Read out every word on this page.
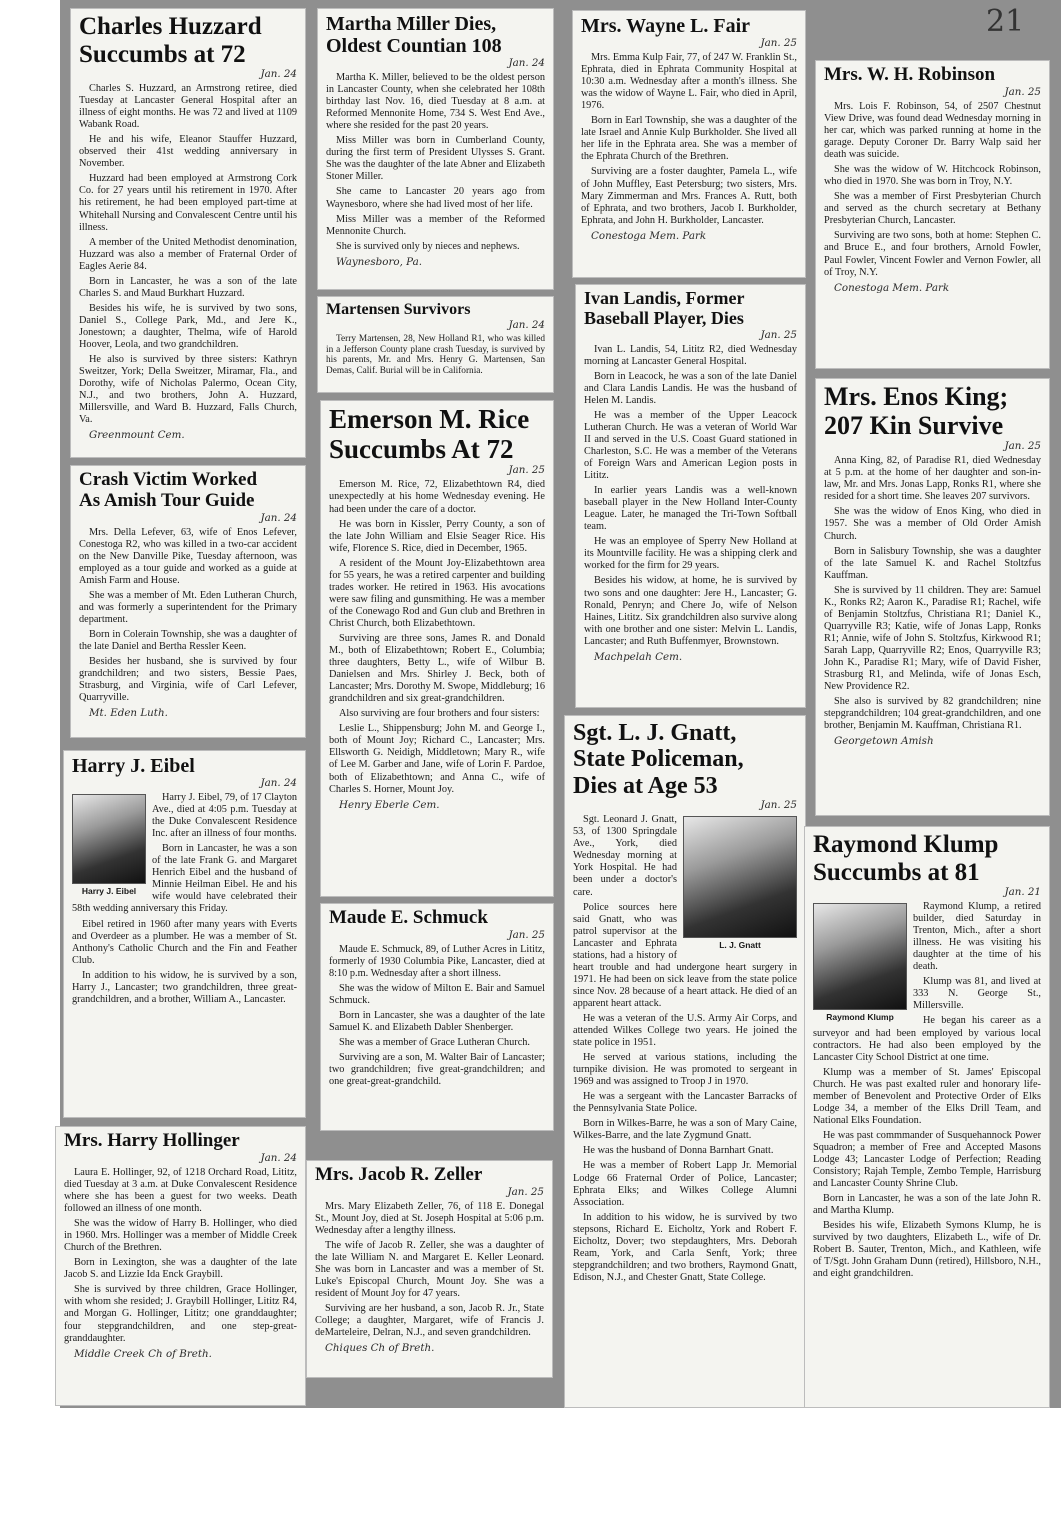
21
Charles Huzzard
Succumbs at 72

Jan. 24

Charles S. Huzzard, an Armstrong retiree, died Tuesday at Lancaster General Hospital after an illness of eight months. He was 72 and lived at 1109 Wabank Road.

He and his wife, Eleanor Stauffer Huzzard, observed their 41st wedding anniversary in November.

Huzzard had been employed at Armstrong Cork Co. for 27 years until his retirement in 1970. After his retirement, he had been employed part-time at Whitehall Nursing and Convalescent Centre until his illness.

A member of the United Methodist denomination, Huzzard was also a member of Fraternal Order of Eagles Aerie 84.

Born in Lancaster, he was a son of the late Charles S. and Maud Burkhart Huzzard.

Besides his wife, he is survived by two sons, Daniel S., College Park, Md., and Jere K., Jonestown; a daughter, Thelma, wife of Harold Hoover, Leola, and two grandchildren.

He also is survived by three sisters: Kathryn Sweitzer, York; Della Sweitzer, Miramar, Fla., and Dorothy, wife of Nicholas Palermo, Ocean City, N.J., and two brothers, John A. Huzzard, Millersville, and Ward B. Huzzard, Falls Church, Va.

Greenmount Cem.

Crash Victim Worked
As Amish Tour Guide

Jan. 24

Mrs. Della Lefever, 63, wife of Enos Lefever, Conestoga R2, who was killed in a two-car accident on the New Danville Pike, Tuesday afternoon, was employed as a tour guide and worked as a guide at Amish Farm and House.

She was a member of Mt. Eden Lutheran Church, and was formerly a superintendent for the Primary department.

Born in Colerain Township, she was a daughter of the late Daniel and Bertha Ressler Keen.

Besides her husband, she is survived by four grandchildren; and two sisters, Bessie Paes, Strasburg, and Virginia, wife of Carl Lefever, Quarryville.

Mt. Eden Luth.

Harry J. Eibel

Jan. 24

Harry J. Eibel

Harry J. Eibel, 79, of 17 Clayton Ave., died at 4:05 p.m. Tuesday at the Duke Convalescent Residence Inc. after an illness of four months.

Born in Lancaster, he was a son of the late Frank G. and Margaret Henrich Eibel and the husband of Minnie Heilman Eibel. He and his wife would have celebrated their 58th wedding anniversary this Friday.

Eibel retired in 1960 after many years with Everts and Overdeer as a plumber. He was a member of St. Anthony's Catholic Church and the Fin and Feather Club.

In addition to his widow, he is survived by a son, Harry J., Lancaster; two grandchildren, three great-grandchildren, and a brother, William A., Lancaster.

Mrs. Harry Hollinger

Jan. 24

Laura E. Hollinger, 92, of 1218 Orchard Road, Lititz, died Tuesday at 3 a.m. at Duke Convalescent Residence where she has been a guest for two weeks. Death followed an illness of one month.

She was the widow of Harry B. Hollinger, who died in 1960. Mrs. Hollinger was a member of Middle Creek Church of the Brethren.

Born in Lexington, she was a daughter of the late Jacob S. and Lizzie Ida Enck Graybill.

She is survived by three children, Grace Hollinger, with whom she resided; J. Graybill Hollinger, Lititz R4, and Morgan G. Hollinger, Lititz; one granddaughter; four stepgrandchildren, and one step-great-granddaughter.

Middle Creek Ch of Breth.

Martha Miller Dies,
Oldest Countian 108

Jan. 24

Martha K. Miller, believed to be the oldest person in Lancaster County, when she celebrated her 108th birthday last Nov. 16, died Tuesday at 8 a.m. at Reformed Mennonite Home, 734 S. West End Ave., where she resided for the past 20 years.

Miss Miller was born in Cumberland County, during the first term of President Ulysses S. Grant. She was the daughter of the late Abner and Elizabeth Stoner Miller.

She came to Lancaster 20 years ago from Waynesboro, where she had lived most of her life.

Miss Miller was a member of the Reformed Mennonite Church.

She is survived only by nieces and nephews.

Waynesboro, Pa.

Martensen Survivors

Jan. 24

Terry Martensen, 28, New Holland R1, who was killed in a Jefferson County plane crash Tuesday, is survived by his parents, Mr. and Mrs. Henry G. Martensen, San Demas, Calif. Burial will be in California.

Emerson M. Rice
Succumbs At 72

Jan. 25

Emerson M. Rice, 72, Elizabethtown R4, died unexpectedly at his home Wednesday evening. He had been under the care of a doctor.

He was born in Kissler, Perry County, a son of the late John William and Elsie Seager Rice. His wife, Florence S. Rice, died in December, 1965.

A resident of the Mount Joy-Elizabethtown area for 55 years, he was a retired carpenter and building trades worker. He retired in 1963. His avocations were saw filing and gunsmithing. He was a member of the Conewago Rod and Gun club and Brethren in Christ Church, both Elizabethtown.

Surviving are three sons, James R. and Donald M., both of Elizabethtown; Robert E., Columbia; three daughters, Betty L., wife of Wilbur B. Danielsen and Mrs. Shirley J. Beck, both of Lancaster; Mrs. Dorothy M. Swope, Middleburg; 16 grandchildren and six great-grandchildren.

Also surviving are four brothers and four sisters:

Leslie L., Shippensburg; John M. and George I., both of Mount Joy; Richard C., Lancaster; Mrs. Ellsworth G. Neidigh, Middletown; Mary R., wife of Lee M. Garber and Jane, wife of Lorin F. Pardoe, both of Elizabethtown; and Anna C., wife of Charles S. Horner, Mount Joy.

Henry Eberle Cem.

Maude E. Schmuck

Jan. 25

Maude E. Schmuck, 89, of Luther Acres in Lititz, formerly of 1930 Columbia Pike, Lancaster, died at 8:10 p.m. Wednesday after a short illness.

She was the widow of Milton E. Bair and Samuel Schmuck.

Born in Lancaster, she was a daughter of the late Samuel K. and Elizabeth Dabler Shenberger.

She was a member of Grace Lutheran Church.

Surviving are a son, M. Walter Bair of Lancaster; two grandchildren; five great-grandchildren; and one great-great-grandchild.

Mrs. Jacob R. Zeller

Jan. 25

Mrs. Mary Elizabeth Zeller, 76, of 118 E. Donegal St., Mount Joy, died at St. Joseph Hospital at 5:06 p.m. Wednesday after a lengthy illness.

The wife of Jacob R. Zeller, she was a daughter of the late William N. and Margaret E. Keller Leonard. She was born in Lancaster and was a member of St. Luke's Episcopal Church, Mount Joy. She was a resident of Mount Joy for 47 years.

Surviving are her husband, a son, Jacob R. Jr., State College; a daughter, Margaret, wife of Francis J. deMarteleire, Delran, N.J., and seven grandchildren.

Chiques Ch of Breth.

Mrs. Wayne L. Fair

Jan. 25

Mrs. Emma Kulp Fair, 77, of 247 W. Franklin St., Ephrata, died in Ephrata Community Hospital at 10:30 a.m. Wednesday after a month's illness. She was the widow of Wayne L. Fair, who died in April, 1976.

Born in Earl Township, she was a daughter of the late Israel and Annie Kulp Burkholder. She lived all her life in the Ephrata area. She was a member of the Ephrata Church of the Brethren.

Surviving are a foster daughter, Pamela L., wife of John Muffley, East Petersburg; two sisters, Mrs. Mary Zimmerman and Mrs. Frances A. Rutt, both of Ephrata, and two brothers, Jacob I. Burkholder, Ephrata, and John H. Burkholder, Lancaster.

Conestoga Mem. Park

Ivan Landis, Former
Baseball Player, Dies

Jan. 25

Ivan L. Landis, 54, Lititz R2, died Wednesday morning at Lancaster General Hospital.

Born in Leacock, he was a son of the late Daniel and Clara Landis Landis. He was the husband of Helen M. Landis.

He was a member of the Upper Leacock Lutheran Church. He was a veteran of World War II and served in the U.S. Coast Guard stationed in Charleston, S.C. He was a member of the Veterans of Foreign Wars and American Legion posts in Lititz.

In earlier years Landis was a well-known baseball player in the New Holland Inter-County League. Later, he managed the Tri-Town Softball team.

He was an employee of Sperry New Holland at its Mountville facility. He was a shipping clerk and worked for the firm for 29 years.

Besides his widow, at home, he is survived by two sons and one daughter: Jere H., Lancaster; G. Ronald, Penryn; and Chere Jo, wife of Nelson Haines, Lititz. Six grandchildren also survive along with one brother and one sister: Melvin L. Landis, Lancaster; and Ruth Buffenmyer, Brownstown.

Machpelah Cem.

Sgt. L. J. Gnatt,
State Policeman,
Dies at Age 53

Jan. 25

L. J. Gnatt

Sgt. Leonard J. Gnatt, 53, of 1300 Springdale Ave., York, died Wednesday morning at York Hospital. He had been under a doctor's care.

Police sources here said Gnatt, who was patrol supervisor at the Lancaster and Ephrata stations, had a history of heart trouble and had undergone heart surgery in 1971. He had been on sick leave from the state police since Nov. 28 because of a heart attack. He died of an apparent heart attack.

He was a veteran of the U.S. Army Air Corps, and attended Wilkes College two years. He joined the state police in 1951.

He served at various stations, including the turnpike division. He was promoted to sergeant in 1969 and was assigned to Troop J in 1970.

He was a sergeant with the Lancaster Barracks of the Pennsylvania State Police.

Born in Wilkes-Barre, he was a son of Mary Caine, Wilkes-Barre, and the late Zygmund Gnatt.

He was the husband of Donna Barnhart Gnatt.

He was a member of Robert Lapp Jr. Memorial Lodge 66 Fraternal Order of Police, Lancaster; Ephrata Elks; and Wilkes College Alumni Association.

In addition to his widow, he is survived by two stepsons, Richard E. Eicholtz, York and Robert F. Eicholtz, Dover; two stepdaughters, Mrs. Deborah Ream, York, and Carla Senft, York; three stepgrandchildren; and two brothers, Raymond Gnatt, Edison, N.J., and Chester Gnatt, State College.

Mrs. W. H. Robinson

Jan. 25

Mrs. Lois F. Robinson, 54, of 2507 Chestnut View Drive, was found dead Wednesday morning in her car, which was parked running at home in the garage. Deputy Coroner Dr. Barry Walp said her death was suicide.

She was the widow of W. Hitchcock Robinson, who died in 1970. She was born in Troy, N.Y.

She was a member of First Presbyterian Church and served as the church secretary at Bethany Presbyterian Church, Lancaster.

Surviving are two sons, both at home: Stephen C. and Bruce E., and four brothers, Arnold Fowler, Paul Fowler, Vincent Fowler and Vernon Fowler, all of Troy, N.Y.

Conestoga Mem. Park

Mrs. Enos King;
207 Kin Survive

Jan. 25

Anna King, 82, of Paradise R1, died Wednesday at 5 p.m. at the home of her daughter and son-in-law, Mr. and Mrs. Jonas Lapp, Ronks R1, where she resided for a short time. She leaves 207 survivors.

She was the widow of Enos King, who died in 1957. She was a member of Old Order Amish Church.

Born in Salisbury Township, she was a daughter of the late Samuel K. and Rachel Stoltzfus Kauffman.

She is survived by 11 children. They are: Samuel K., Ronks R2; Aaron K., Paradise R1; Rachel, wife of Benjamin Stoltzfus, Christiana R1; Daniel K., Quarryville R3; Katie, wife of Jonas Lapp, Ronks R1; Annie, wife of John S. Stoltzfus, Kirkwood R1; Sarah Lapp, Quarryville R2; Enos, Quarryville R3; John K., Paradise R1; Mary, wife of David Fisher, Strasburg R1, and Melinda, wife of Jonas Esch, New Providence R2.

She also is survived by 82 grandchildren; nine stepgrandchildren; 104 great-grandchildren, and one brother, Benjamin M. Kauffman, Christiana R1.

Georgetown Amish

Raymond Klump
Succumbs at 81

Jan. 21

Raymond Klump

Raymond Klump, a retired builder, died Saturday in Trenton, Mich., after a short illness. He was visiting his daughter at the time of his death.

Klump was 81, and lived at 333 N. George St., Millersville.

He began his career as a surveyor and had been employed by various local contractors. He had also been employed by the Lancaster City School District at one time.

Klump was a member of St. James' Episcopal Church. He was past exalted ruler and honorary life-member of Benevolent and Protective Order of Elks Lodge 34, a member of the Elks Drill Team, and National Elks Foundation.

He was past commmander of Susquehannock Power Squadron; a member of Free and Accepted Masons Lodge 43; Lancaster Lodge of Perfection; Reading Consistory; Rajah Temple, Zembo Temple, Harrisburg and Lancaster County Shrine Club.

Born in Lancaster, he was a son of the late John R. and Martha Klump.

Besides his wife, Elizabeth Symons Klump, he is survived by two daughters, Elizabeth L., wife of Dr. Robert B. Sauter, Trenton, Mich., and Kathleen, wife of T/Sgt. John Graham Dunn (retired), Hillsboro, N.H., and eight grandchildren.
